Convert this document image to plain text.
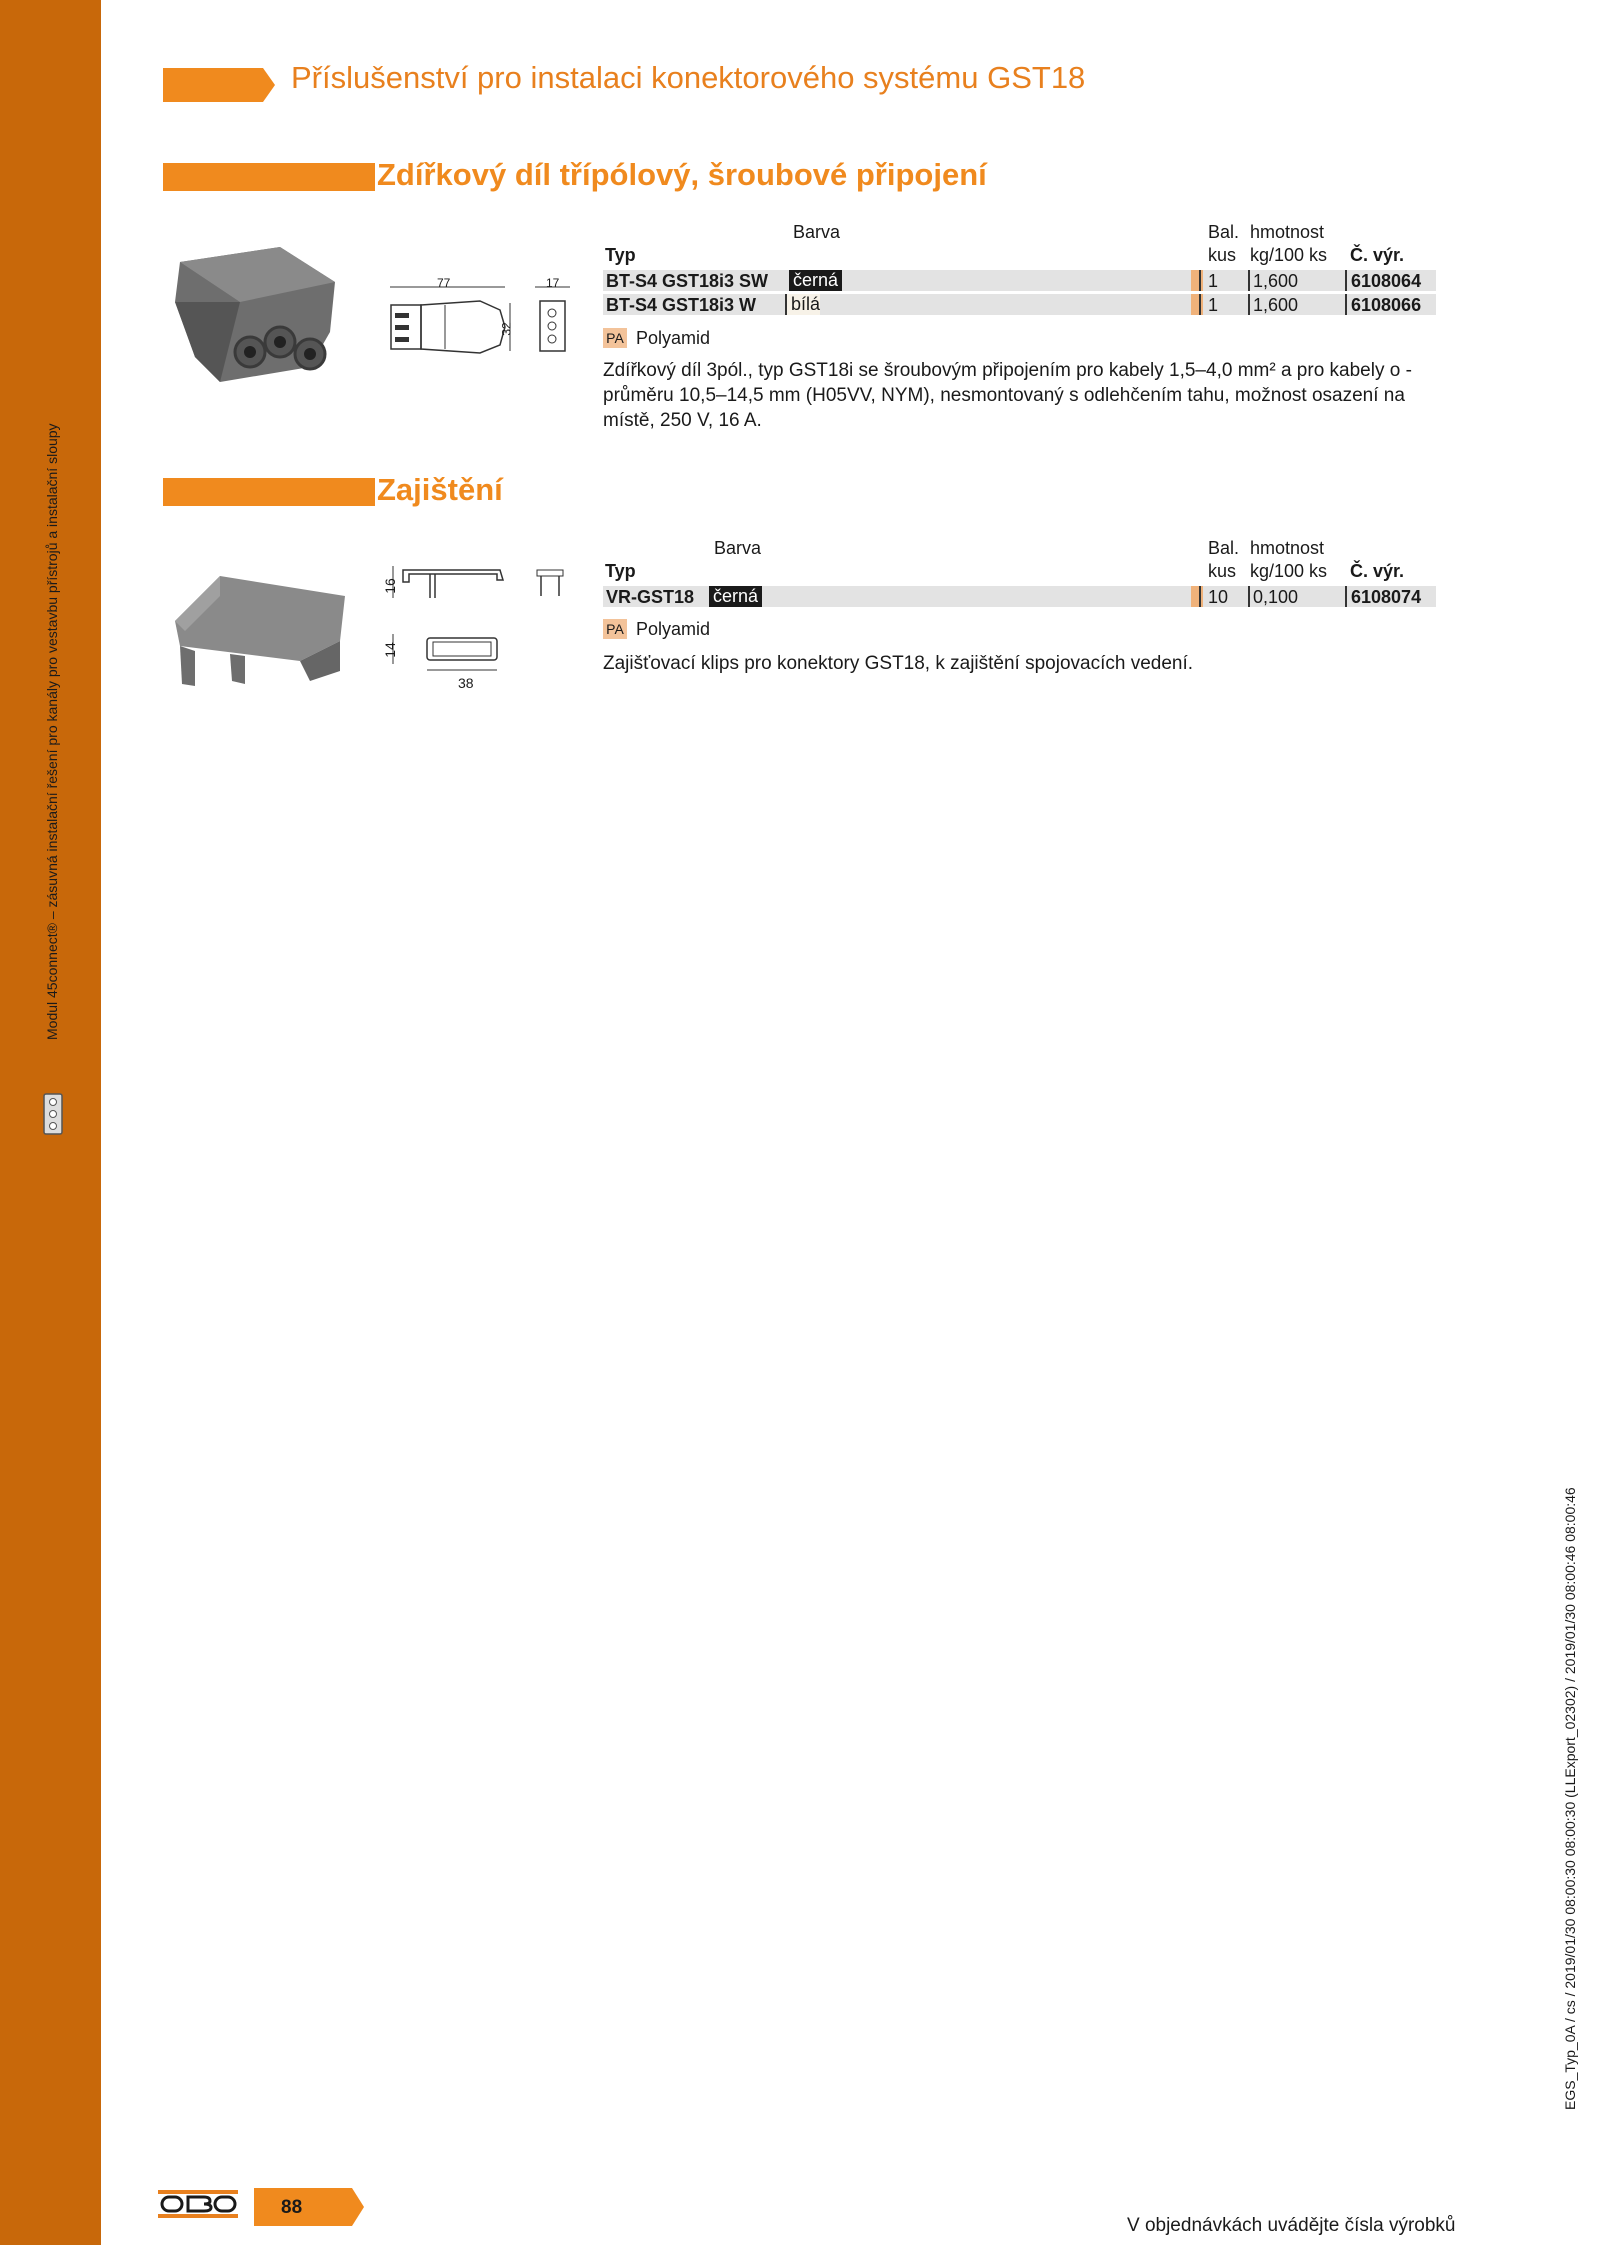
Modul 45connect® – zásuvná instalační řešení pro kanály pro vestavbu přístrojů a instalační sloupy
Příslušenství pro instalaci konektorového systému GST18
Zdířkový díl třípólový, šroubové připojení
77	17
32
Barva	Bal. hmotnost
Typ	kus kg/100 ks Č. výr.
BT-S4 GST18i3 SW černá	1 1,600	6108064
BT-S4 GST18i3 W	bílá	1 1,600	6108066
PA Polyamid
Zdířkový díl 3pól., typ GST18i se šroubovým připojením pro kabely 1,5–4,0 mm² a pro kabely o -průměru 10,5–14,5 mm (H05VV, NYM), nesmontovaný s odlehčením tahu, možnost osazení na místě, 250 V, 16 A.
Zajištění
16
14
38
Barva	Bal. hmotnost
Typ	kus kg/100 ks Č. výr.
VR-GST18 černá	10 0,100	6108074
PA Polyamid
Zajišťovací klips pro konektory GST18, k zajištění spojovacích vedení.
EGS_Typ_0A / cs / 2019/01/30 08:00:30 08:00:30 (LLExport_02302) / 2019/01/30 08:00:46 08:00:46
88
V objednávkách uvádějte čísla výrobků
